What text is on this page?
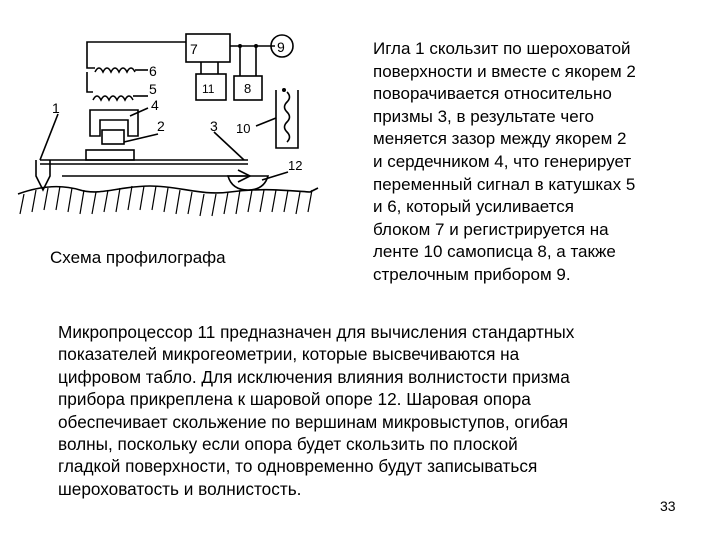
7	9
11 8
6
5
4
1
2	3 10
12
Схема профилографа
Игла 1 скользит по шероховатой
поверхности и вместе с якорем 2
поворачивается относительно
призмы 3, в результате чего
меняется зазор между якорем 2
и сердечником 4, что генерирует
переменный сигнал в катушках 5
и 6, который усиливается
блоком 7 и регистрируется на
ленте 10 самописца 8, а также
стрелочным прибором 9.
Микропроцессор 11 предназначен для вычисления стандартных
показателей микрогеометрии, которые высвечиваются на
цифровом табло. Для исключения влияния волнистости призма
прибора прикреплена к шаровой опоре 12. Шаровая опора
обеспечивает скольжение по вершинам микровыступов, огибая
волны, поскольку если опора будет скользить по плоской
гладкой поверхности, то одновременно будут записываться
шероховатость и волнистость.
33
